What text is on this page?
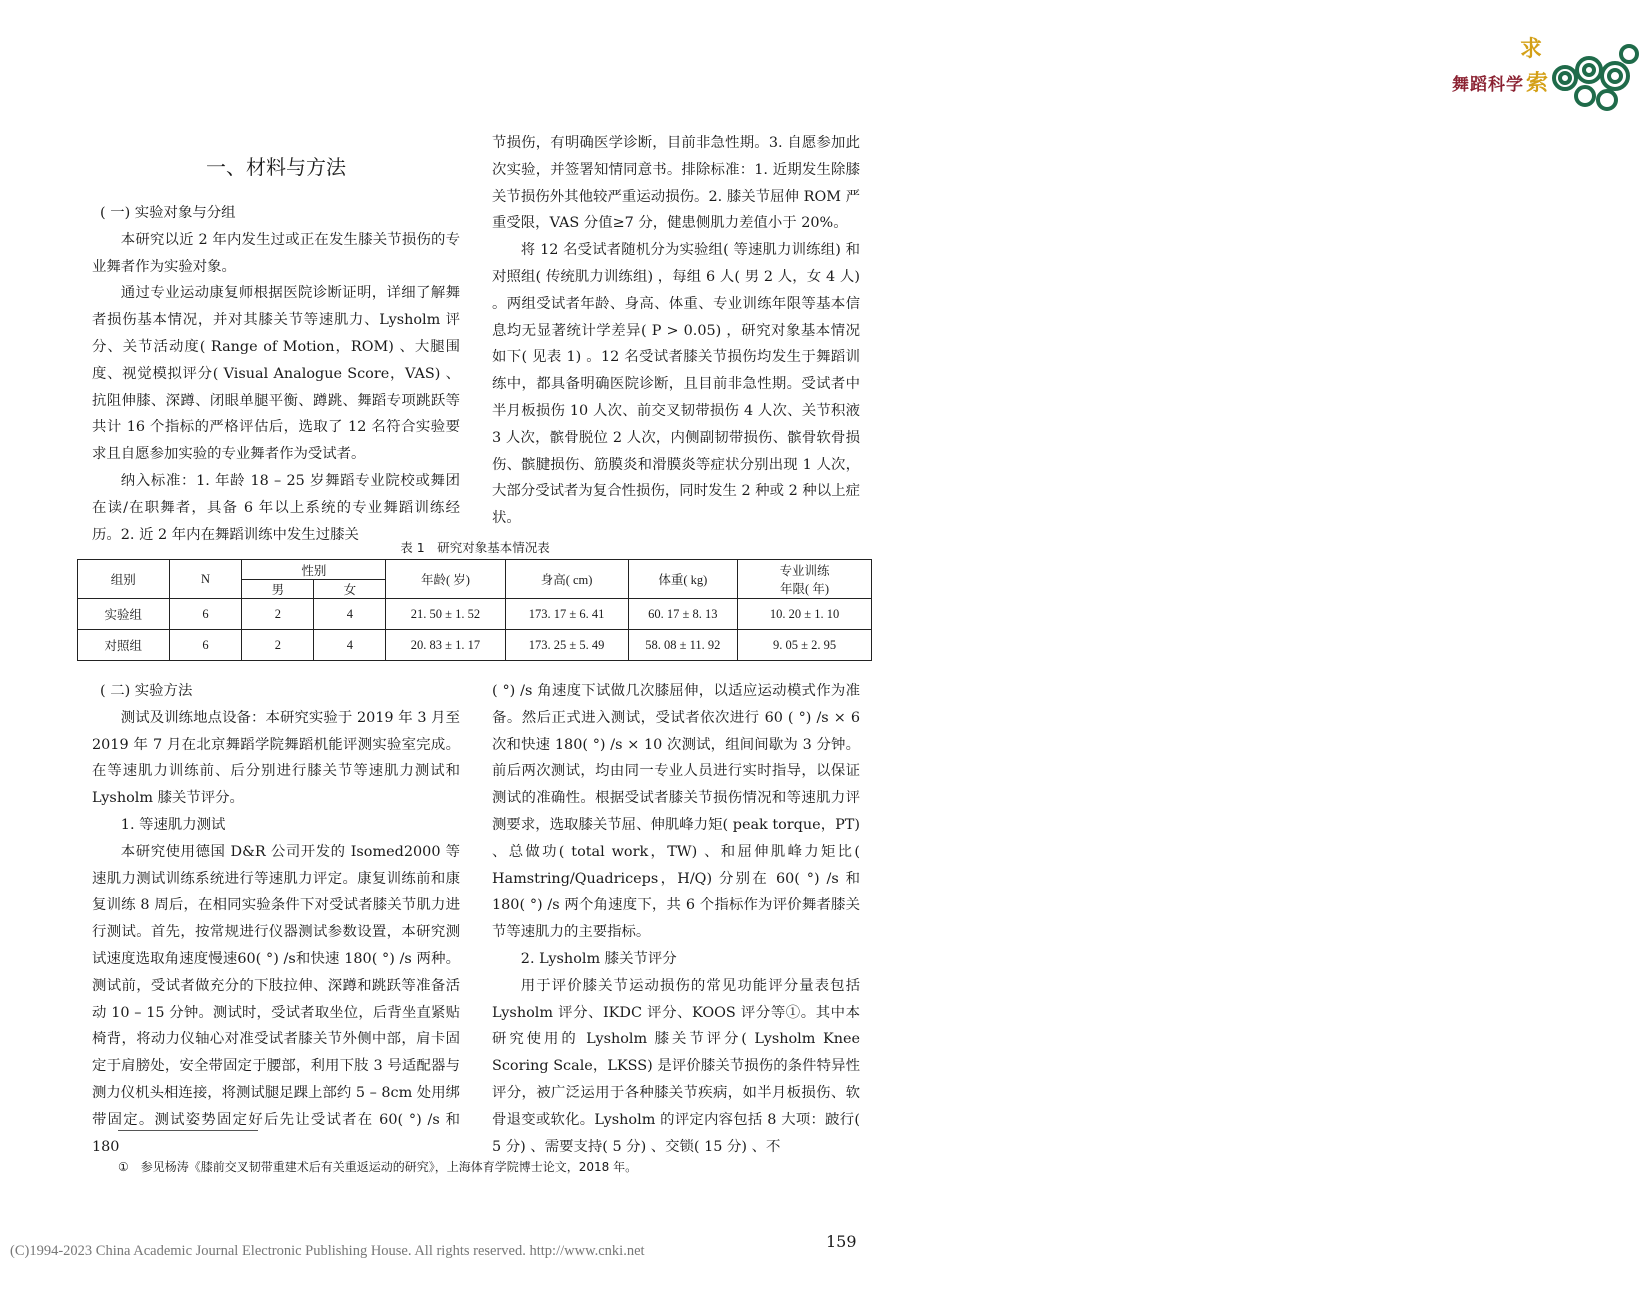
求
索
舞蹈科学

一、材料与方法

( 一) 实验对象与分组

本研究以近 2 年内发生过或正在发生膝关节损伤的专业舞者作为实验对象。

通过专业运动康复师根据医院诊断证明，详细了解舞者损伤基本情况，并对其膝关节等速肌力、Lysholm 评分、关节活动度( Range of Motion，ROM) 、大腿围度、视觉模拟评分( Visual Analogue Score，VAS) 、抗阻伸膝、深蹲、闭眼单腿平衡、蹲跳、舞蹈专项跳跃等共计 16 个指标的严格评估后，选取了 12 名符合实验要求且自愿参加实验的专业舞者作为受试者。

纳入标准：1. 年龄 18 – 25 岁舞蹈专业院校或舞团在读/在职舞者，具备 6 年以上系统的专业舞蹈训练经历。2. 近 2 年内在舞蹈训练中发生过膝关

节损伤，有明确医学诊断，目前非急性期。3. 自愿参加此次实验，并签署知情同意书。排除标准：1. 近期发生除膝关节损伤外其他较严重运动损伤。2. 膝关节屈伸 ROM 严重受限，VAS 分值≥7 分，健患侧肌力差值小于 20%。

将 12 名受试者随机分为实验组( 等速肌力训练组) 和对照组( 传统肌力训练组) ，每组 6 人( 男 2 人，女 4 人) 。两组受试者年龄、身高、体重、专业训练年限等基本信息均无显著统计学差异( P > 0.05) ，研究对象基本情况如下( 见表 1) 。12 名受试者膝关节损伤均发生于舞蹈训练中，都具备明确医院诊断，且目前非急性期。受试者中半月板损伤 10 人次、前交叉韧带损伤 4 人次、关节积液 3 人次，髌骨脱位 2 人次，内侧副韧带损伤、髌骨软骨损伤、髌腱损伤、筋膜炎和滑膜炎等症状分别出现 1 人次，大部分受试者为复合性损伤，同时发生 2 种或 2 种以上症状。

表 1　研究对象基本情况表
组别	N	性别		年龄( 岁)	身高( cm)	体重( kg)	专业训练
年限( 年)
		男	女				
实验组	6	2	4	21. 50 ± 1. 52	173. 17 ± 6. 41	60. 17 ± 8. 13	10. 20 ± 1. 10
对照组	6	2	4	20. 83 ± 1. 17	173. 25 ± 5. 49	58. 08 ± 11. 92	9. 05 ± 2. 95

( 二) 实验方法

测试及训练地点设备：本研究实验于 2019 年 3 月至 2019 年 7 月在北京舞蹈学院舞蹈机能评测实验室完成。在等速肌力训练前、后分别进行膝关节等速肌力测试和 Lysholm 膝关节评分。

1. 等速肌力测试

本研究使用德国 D&R 公司开发的 Isomed2000 等速肌力测试训练系统进行等速肌力评定。康复训练前和康复训练 8 周后，在相同实验条件下对受试者膝关节肌力进行测试。首先，按常规进行仪器测试参数设置，本研究测试速度选取角速度慢速60( °) /s和快速 180( °) /s 两种。测试前，受试者做充分的下肢拉伸、深蹲和跳跃等准备活动 10 – 15 分钟。测试时，受试者取坐位，后背坐直紧贴椅背，将动力仪轴心对准受试者膝关节外侧中部，肩卡固定于肩膀处，安全带固定于腰部，利用下肢 3 号适配器与测力仪机头相连接，将测试腿足踝上部约 5 – 8cm 处用绑带固定。测试姿势固定好后先让受试者在 60( °) /s 和 180

( °) /s 角速度下试做几次膝屈伸，以适应运动模式作为准备。然后正式进入测试，受试者依次进行 60 ( °) /s × 6 次和快速 180( °) /s × 10 次测试，组间间歇为 3 分钟。前后两次测试，均由同一专业人员进行实时指导，以保证测试的准确性。根据受试者膝关节损伤情况和等速肌力评测要求，选取膝关节屈、伸肌峰力矩( peak torque，PT) 、总做功( total work，TW) 、和屈伸肌峰力矩比( Hamstring/Quadriceps，H/Q) 分别在 60( °) /s 和 180( °) /s 两个角速度下，共 6 个指标作为评价舞者膝关节等速肌力的主要指标。

2. Lysholm 膝关节评分

用于评价膝关节运动损伤的常见功能评分量表包括 Lysholm 评分、IKDC 评分、KOOS 评分等①。其中本研究使用的 Lysholm 膝关节评分( Lysholm Knee Scoring Scale，LKSS) 是评价膝关节损伤的条件特异性评分，被广泛运用于各种膝关节疾病，如半月板损伤、软骨退变或软化。Lysholm 的评定内容包括 8 大项：跛行( 5 分) 、需要支持( 5 分) 、交锁( 15 分) 、不

①　参见杨涛《膝前交叉韧带重建术后有关重返运动的研究》，上海体育学院博士论文，2018 年。
159
(C)1994-2023 China Academic Journal Electronic Publishing House. All rights reserved. http://www.cnki.net
